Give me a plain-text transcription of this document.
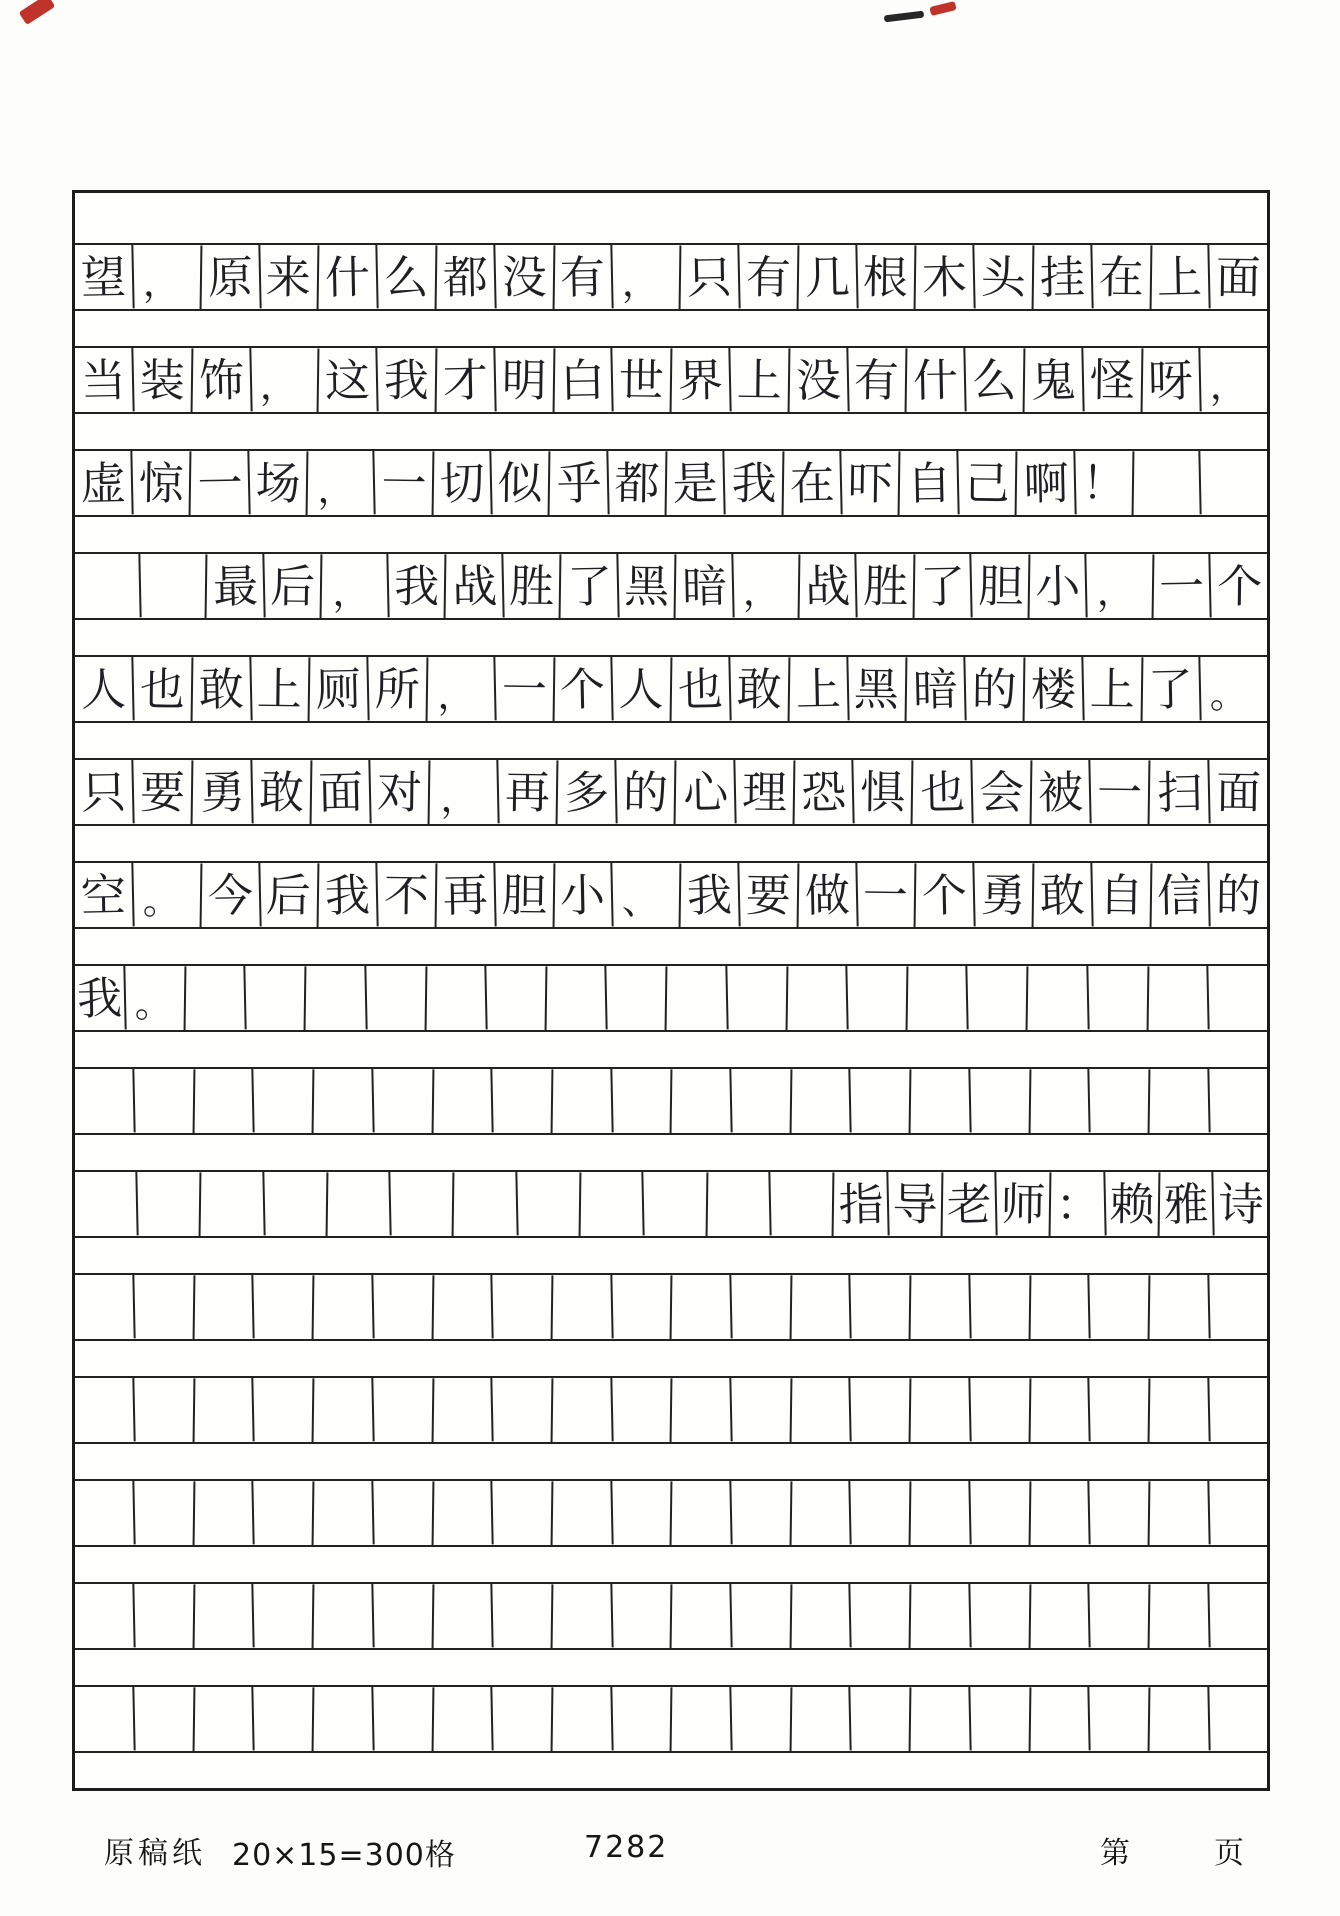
望 ， 原 来 什 么 都 没 有 ， 只 有 几 根 木 头 挂 在 上 面
当 装 饰 ， 这 我 才 明 白 世 界 上 没 有 什 么 鬼 怪 呀 ，
虚 惊 一 场 ， 一 切 似 乎 都 是 我 在 吓 自 己 啊 ！
最 后 ， 我 战 胜 了 黑 暗 ， 战 胜 了 胆 小 ， 一 个
人 也 敢 上 厕 所 ， 一 个 人 也 敢 上 黑 暗 的 楼 上 了 。
只 要 勇 敢 面 对 ， 再 多 的 心 理 恐 惧 也 会 被 一 扫 面
空 。 今 后 我 不 再 胆 小 、 我 要 做 一 个 勇 敢 自 信 的
我 。
指 导 老 师 ： 赖 雅 诗
原稿纸 20×15=300格	7282	第	页
